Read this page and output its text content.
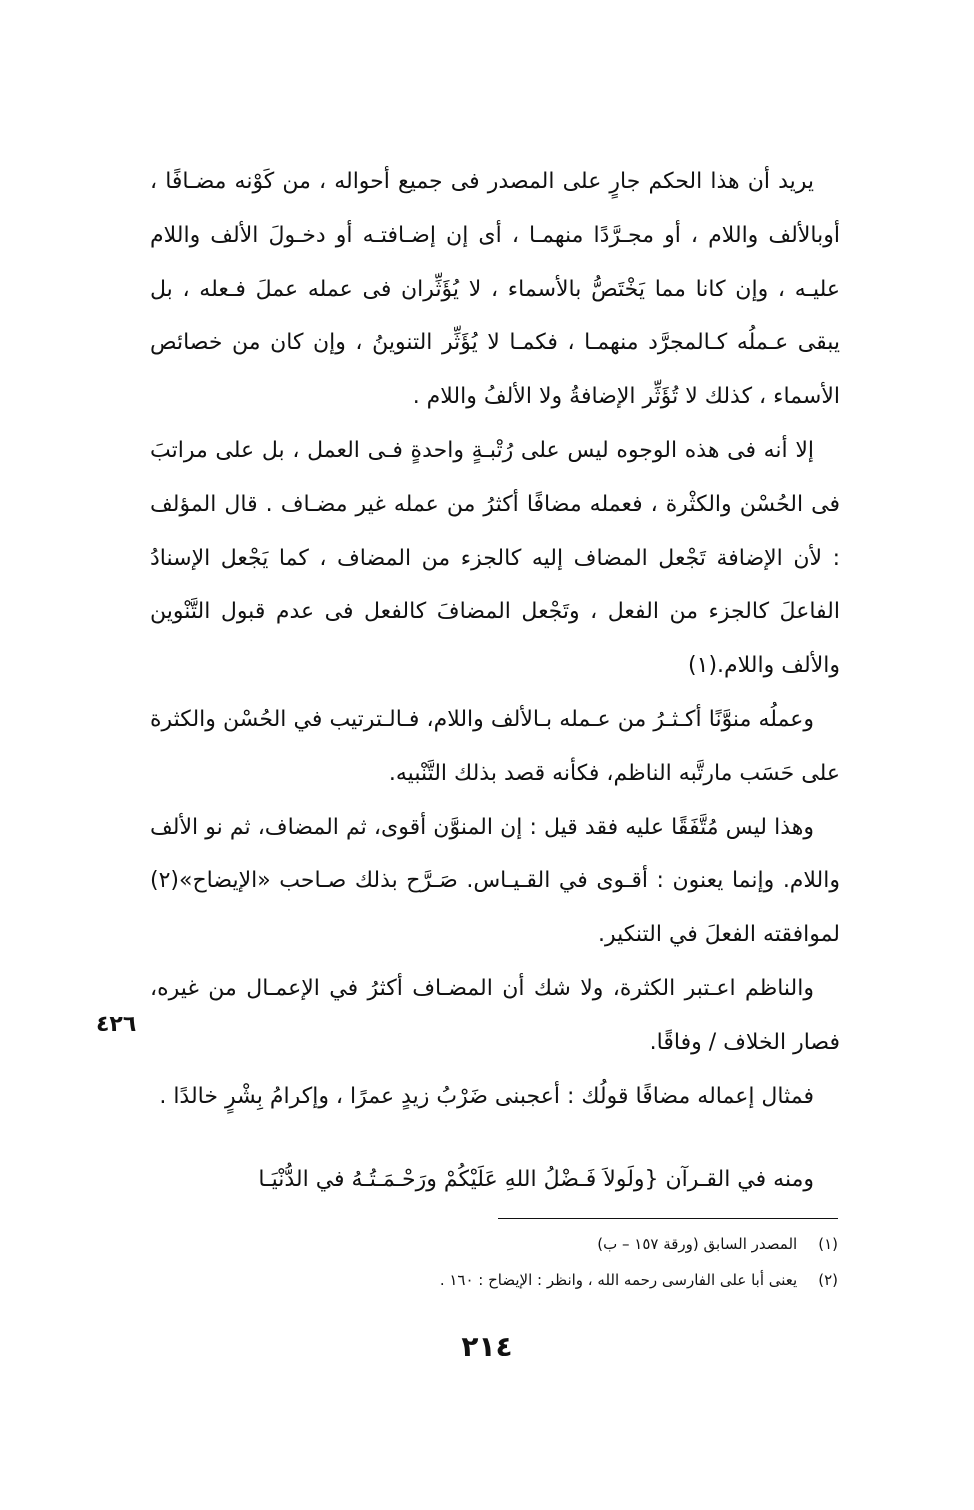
يريد أن هذا الحكم جارٍ على المصدر فى جميع أحواله ، من كَوْنه مضـافًا ، أوبالألف واللام ، أو مجـرَّدًا منهمـا ، أى إن إضـافتـه أو دخـولَ الألف واللام عليـه ، وإن كانا مما يَخْتَصُّ بالأسماء ، لا يُؤَثِّران فى عمله عملَ فـعله ، بل يبقى عـملُه كـالمجرَّد منهمـا ، فكمـا لا يُؤَثِّر التنوينُ ، وإن كان من خصائص الأسماء ، كذلك لا تُؤَثِّر الإضافةُ ولا الألفُ واللام .

إلا أنه فى هذه الوجوه ليس على رُتْبـةٍ واحدةٍ فـى العمل ، بل على مراتبَ فى الحُسْن والكثْرة ، فعمله مضافًا أكثرُ من عمله غير مضـاف . قال المؤلف : لأن الإضافة تَجْعل المضاف إليه كالجزء من المضاف ، كما يَجْعل الإسنادُ الفاعلَ كالجزء من الفعل ، وتَجْعل المضافَ كالفعل فى عدم قبول التَّنْوين والألف واللام.(١)

وعملُه منوَّنًا أكـثـرُ من عـمله بـالألف واللام، فـالـترتيب في الحُسْن والكثرة على حَسَب مارتَّبه الناظم، فكأنه قصد بذلك التَّنْبيه.

وهذا ليس مُتَّفَقًا عليه فقد قيل : إن المنوَّن أقوى، ثم المضاف، ثم نو الألف واللام. وإنما يعنون : أقـوى في القـيـاس. صَـرَّح بذلك صـاحب «الإيضاح»(٢) لموافقته الفعلَ في التنكير.

والناظم اعـتبر الكثرة، ولا شك أن المضـاف أكثرُ في الإعمـال من غيره، فصار الخلاف / وفاقًا.

فمثال إعماله مضافًا قولُك : أعجبنى ضَرْبُ زيدٍ عمرًا ، وإكرامُ بِشْرٍ خالدًا .

٤٢٦
ومنه في القـرآن {ولَولاَ فَـضْلُ اللهِ عَلَيْكُمْ ورَحْـمَـتُـهُ في الدُّنْيَـا
(١) المصدر السابق (ورقة ١٥٧ – ب)
(٢) يعنى أبا على الفارسى رحمه الله ، وانظر : الإيضاح : ١٦٠ .
٢١٤
